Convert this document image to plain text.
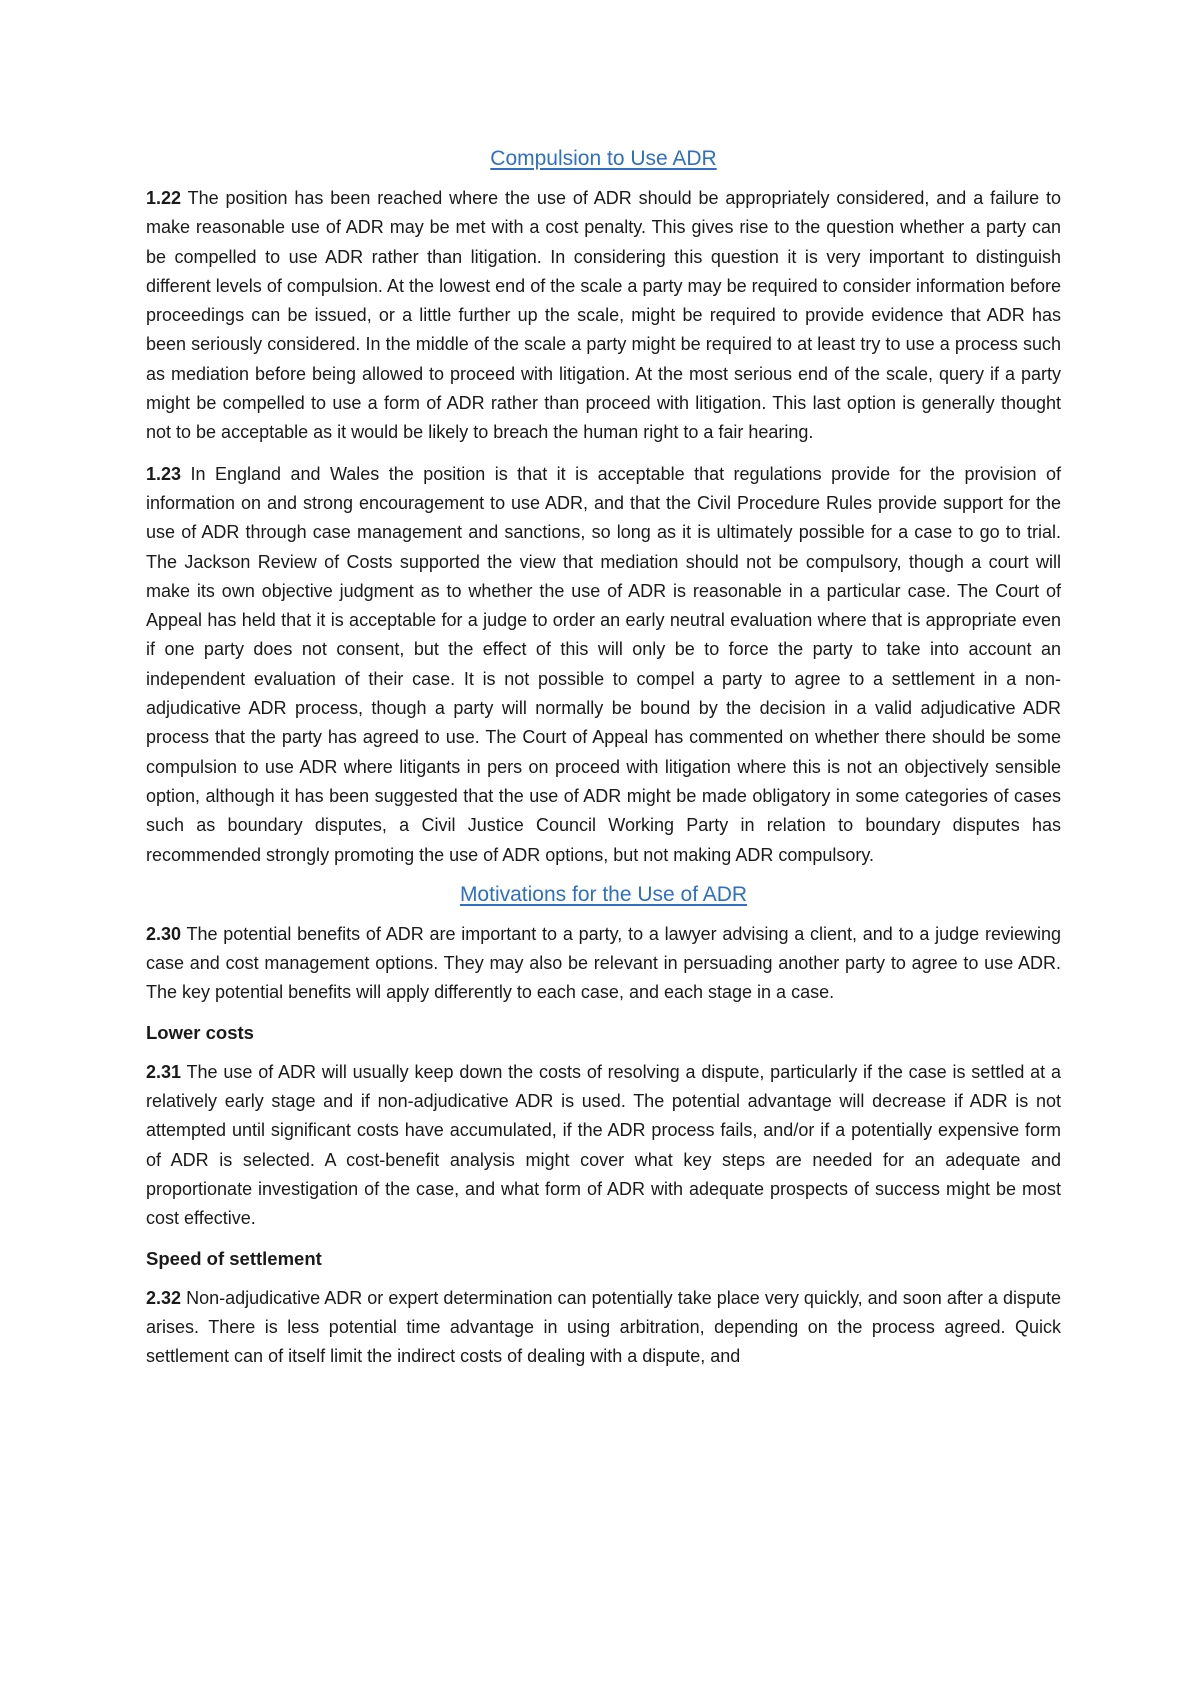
Compulsion to Use ADR

1.22 The position has been reached where the use of ADR should be appropriately considered, and a failure to make reasonable use of ADR may be met with a cost penalty. This gives rise to the question whether a party can be compelled to use ADR rather than litigation. In considering this question it is very important to distinguish different levels of compulsion. At the lowest end of the scale a party may be required to consider information before proceedings can be issued, or a little further up the scale, might be required to provide evidence that ADR has been seriously considered. In the middle of the scale a party might be required to at least try to use a process such as mediation before being allowed to proceed with litigation. At the most serious end of the scale, query if a party might be compelled to use a form of ADR rather than proceed with litigation. This last option is generally thought not to be acceptable as it would be likely to breach the human right to a fair hearing.

1.23 In England and Wales the position is that it is acceptable that regulations provide for the provision of information on and strong encouragement to use ADR, and that the Civil Procedure Rules provide support for the use of ADR through case management and sanctions, so long as it is ultimately possible for a case to go to trial. The Jackson Review of Costs supported the view that mediation should not be compulsory, though a court will make its own objective judgment as to whether the use of ADR is reasonable in a particular case. The Court of Appeal has held that it is acceptable for a judge to order an early neutral evaluation where that is appropriate even if one party does not consent, but the effect of this will only be to force the party to take into account an independent evaluation of their case. It is not possible to compel a party to agree to a settlement in a non-adjudicative ADR process, though a party will normally be bound by the decision in a valid adjudicative ADR process that the party has agreed to use. The Court of Appeal has commented on whether there should be some compulsion to use ADR where litigants in pers on proceed with litigation where this is not an objectively sensible option, although it has been suggested that the use of ADR might be made obligatory in some categories of cases such as boundary disputes, a Civil Justice Council Working Party in relation to boundary disputes has recommended strongly promoting the use of ADR options, but not making ADR compulsory.

Motivations for the Use of ADR

2.30 The potential benefits of ADR are important to a party, to a lawyer advising a client, and to a judge reviewing case and cost management options. They may also be relevant in persuading another party to agree to use ADR. The key potential benefits will apply differently to each case, and each stage in a case.

Lower costs

2.31 The use of ADR will usually keep down the costs of resolving a dispute, particularly if the case is settled at a relatively early stage and if non-adjudicative ADR is used. The potential advantage will decrease if ADR is not attempted until significant costs have accumulated, if the ADR process fails, and/or if a potentially expensive form of ADR is selected. A cost-benefit analysis might cover what key steps are needed for an adequate and proportionate investigation of the case, and what form of ADR with adequate prospects of success might be most cost effective.

Speed of settlement

2.32 Non-adjudicative ADR or expert determination can potentially take place very quickly, and soon after a dispute arises. There is less potential time advantage in using arbitration, depending on the process agreed. Quick settlement can of itself limit the indirect costs of dealing with a dispute, and
